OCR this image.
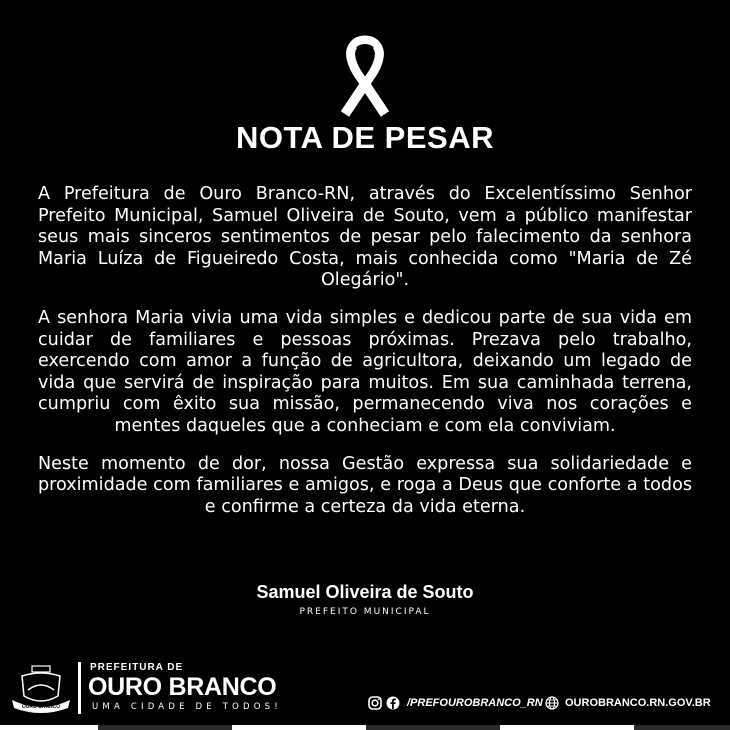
NOTA DE PESAR

A Prefeitura de Ouro Branco-RN, através do Excelentíssimo Senhor Prefeito Municipal, Samuel Oliveira de Souto, vem a público manifestar seus mais sinceros sentimentos de pesar pelo falecimento da senhora Maria Luíza de Figueiredo Costa, mais conhecida como "Maria de Zé Olegário".

A senhora Maria vivia uma vida simples e dedicou parte de sua vida em cuidar de familiares e pessoas próximas. Prezava pelo trabalho, exercendo com amor a função de agricultora, deixando um legado de vida que servirá de inspiração para muitos. Em sua caminhada terrena, cumpriu com êxito sua missão, permanecendo viva nos corações e mentes daqueles que a conheciam e com ela conviviam.

Neste momento de dor, nossa Gestão expressa sua solidariedade e proximidade com familiares e amigos, e roga a Deus que conforte a todos e confirme a certeza da vida eterna.

Samuel Oliveira de Souto
PREFEITO MUNICIPAL
OURO BRANCO
PREFEITURA DE
OURO BRANCO
UMA CIDADE DE TODOS!	/PREFOUROBRANCO_RN OUROBRANCO.RN.GOV.BR
